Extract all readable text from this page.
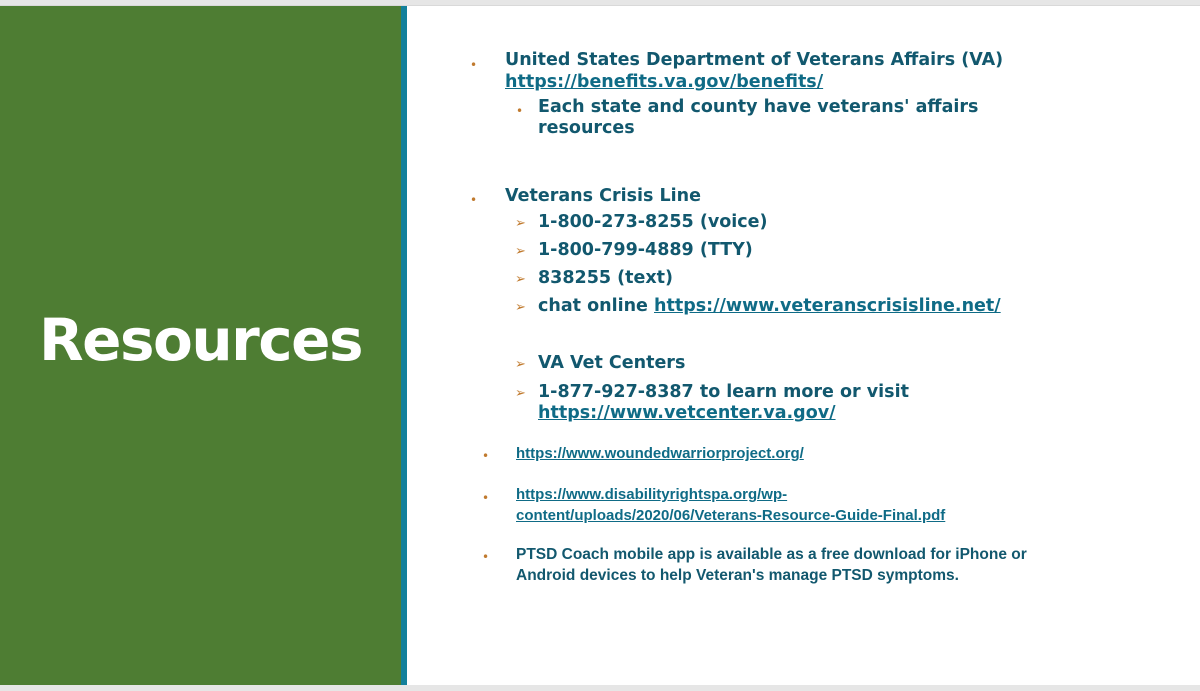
Resources
• United States Department of Veterans Affairs (VA)
https://benefits.va.gov/benefits/
• Each state and county have veterans' affairs
resources
• Veterans Crisis Line
➢ 1-800-273-8255 (voice)
➢ 1-800-799-4889 (TTY)
➢ 838255 (text)
➢ chat online https://www.veteranscrisisline.net/
➢ VA Vet Centers
➢ 1-877-927-8387 to learn more or visit
https://www.vetcenter.va.gov/
• https://www.woundedwarriorproject.org/
• https://www.disabilityrightspa.org/wp-
content/uploads/2020/06/Veterans-Resource-Guide-Final.pdf
• PTSD Coach mobile app is available as a free download for iPhone or
Android devices to help Veteran's manage PTSD symptoms.
